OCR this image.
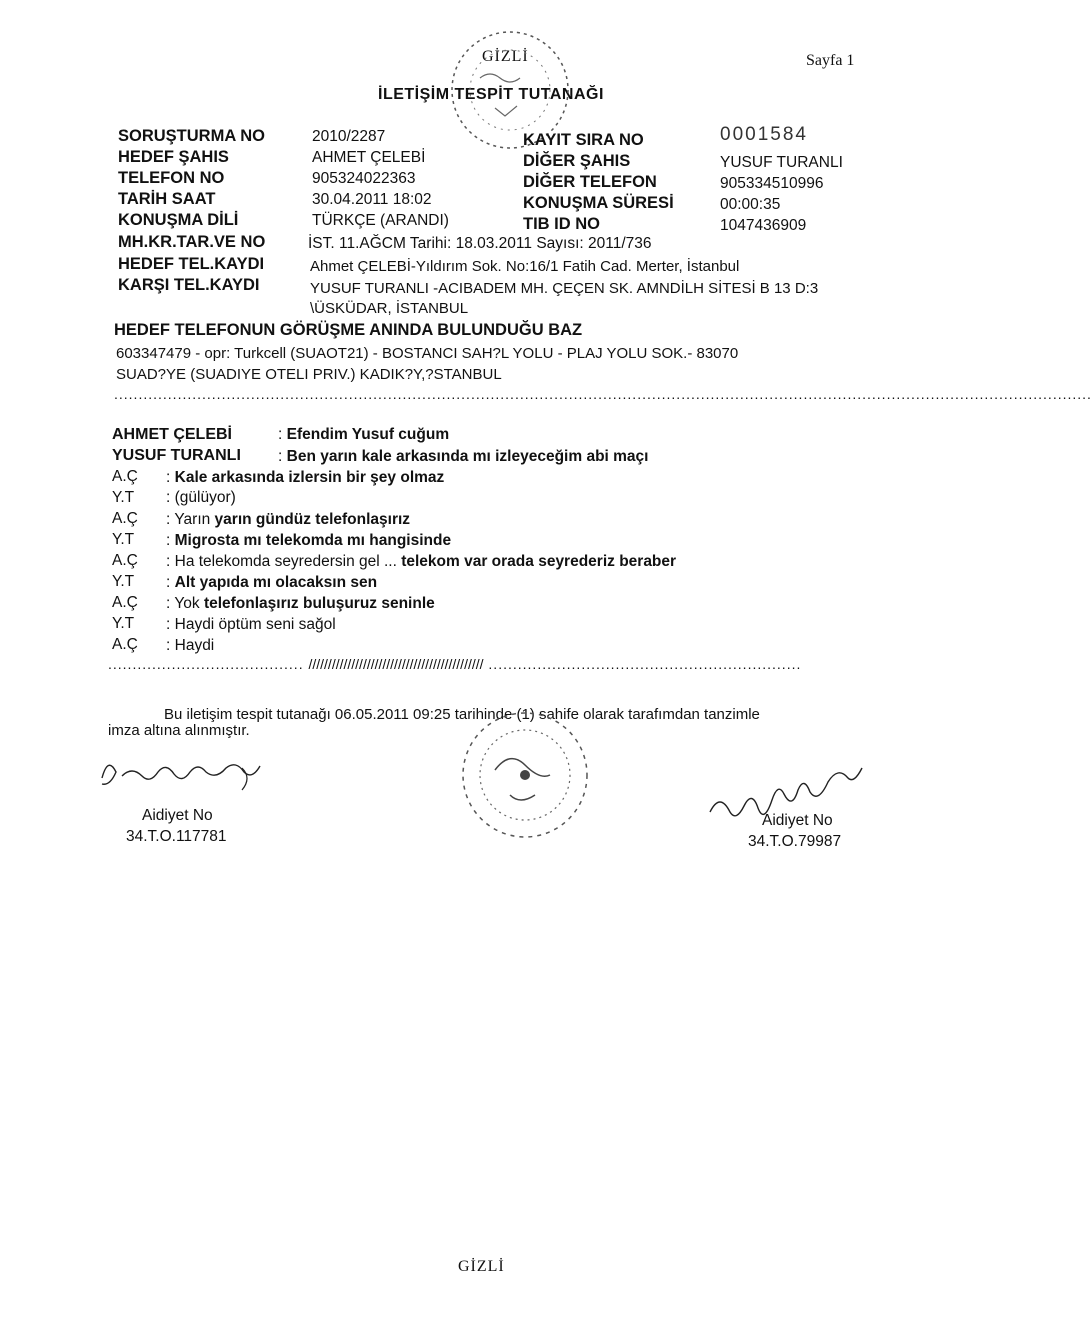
GİZLİ	Sayfa 1
İLETİŞİM TESPİT TUTANAĞI
SORUŞTURMA NO	2010/2287
HEDEF ŞAHIS	AHMET ÇELEBİ
TELEFON NO	905324022363
TARİH SAAT	30.04.2011 18:02
KONUŞMA DİLİ	TÜRKÇE (ARANDI)
MH.KR.TAR.VE NO	İST. 11.AĞCM Tarihi: 18.03.2011 Sayısı: 2011/736
HEDEF TEL.KAYDI	Ahmet ÇELEBİ-Yıldırım Sok. No:16/1 Fatih Cad. Merter, İstanbul
KARŞI TEL.KAYDI	YUSUF TURANLI -ACIBADEM MH. ÇEÇEN SK. AMNDİLH SİTESİ B 13 D:3
\ÜSKÜDAR, İSTANBUL
KAYIT SIRA NO	0001584
DİĞER ŞAHIS	YUSUF TURANLI
DİĞER TELEFON	905334510996
KONUŞMA SÜRESİ	00:00:35
TIB ID NO	1047436909
HEDEF TELEFONUN GÖRÜŞME ANINDA BULUNDUĞU BAZ
603347479 - opr: Turkcell (SUAOT21) - BOSTANCI SAH?L YOLU - PLAJ YOLU SOK.- 83070
SUAD?YE (SUADIYE OTELI PRIV.) KADIK?Y,?STANBUL
........................................................................................................................................................................................................
AHMET ÇELEBİ	: Efendim Yusuf cuğum
YUSUF TURANLI : Ben yarın kale arkasında mı izleyeceğim abi maçı
A.Ç : Kale arkasında izlersin bir şey olmaz
Y.T : (gülüyor)
A.Ç : Yarın yarın gündüz telefonlaşırız
Y.T : Migrosta mı telekomda mı hangisinde
A.Ç : Ha telekomda seyredersin gel ... telekom var orada seyrederiz beraber
Y.T : Alt yapıda mı olacaksın sen
A.Ç : Yok telefonlaşırız buluşuruz seninle
Y.T : Haydi öptüm seni sağol
A.Ç : Haydi
........................................ ///////////////////////////////////////////// ................................................................
Bu iletişim tespit tutanağı 06.05.2011 09:25 tarihinde (1) sahife olarak tarafımdan tanzimle
imza altına alınmıştır.
Aidiyet No
34.T.O.117781
Aidiyet No
34.T.O.79987
GİZLİ
